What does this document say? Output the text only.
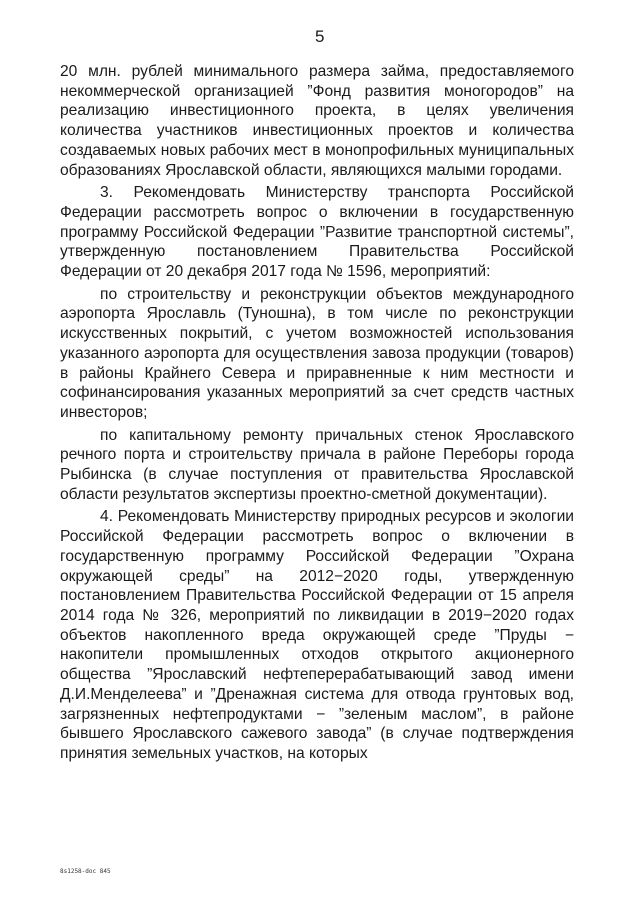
5

20 млн. рублей минимального размера займа, предоставляемого некоммерческой организацией ”Фонд развития моногородов” на реализацию инвестиционного проекта, в целях увеличения количества участников инвестиционных проектов и количества создаваемых новых рабочих мест в монопрофильных муниципальных образованиях Ярославской области, являющихся малыми городами.

3. Рекомендовать Министерству транспорта Российской Федерации рассмотреть вопрос о включении в государственную программу Российской Федерации ”Развитие транспортной системы”, утвержденную постановлением Правительства Российской Федерации от 20 декабря 2017 года № 1596, мероприятий:

по строительству и реконструкции объектов международного аэропорта Ярославль (Туношна), в том числе по реконструкции искусственных покрытий, с учетом возможностей использования указанного аэропорта для осуществления завоза продукции (товаров) в районы Крайнего Севера и приравненные к ним местности и софинансирования указанных мероприятий за счет средств частных инвесторов;

по капитальному ремонту причальных стенок Ярославского речного порта и строительству причала в районе Переборы города Рыбинска (в случае поступления от правительства Ярославской области результатов экспертизы проектно-сметной документации).

4. Рекомендовать Министерству природных ресурсов и экологии Российской Федерации рассмотреть вопрос о включении в государственную программу Российской Федерации ”Охрана окружающей среды” на 2012−2020 годы, утвержденную постановлением Правительства Российской Федерации от 15 апреля 2014 года № 326, мероприятий по ликвидации в 2019−2020 годах объектов накопленного вреда окружающей среде ”Пруды − накопители промышленных отходов открытого акционерного общества ”Ярославский нефтеперерабатывающий завод имени Д.И.Менделеева” и ”Дренажная система для отвода грунтовых вод, загрязненных нефтепродуктами − ”зеленым маслом”, в районе бывшего Ярославского сажевого завода” (в случае подтверждения принятия земельных участков, на которых

8s1258-doc 845
